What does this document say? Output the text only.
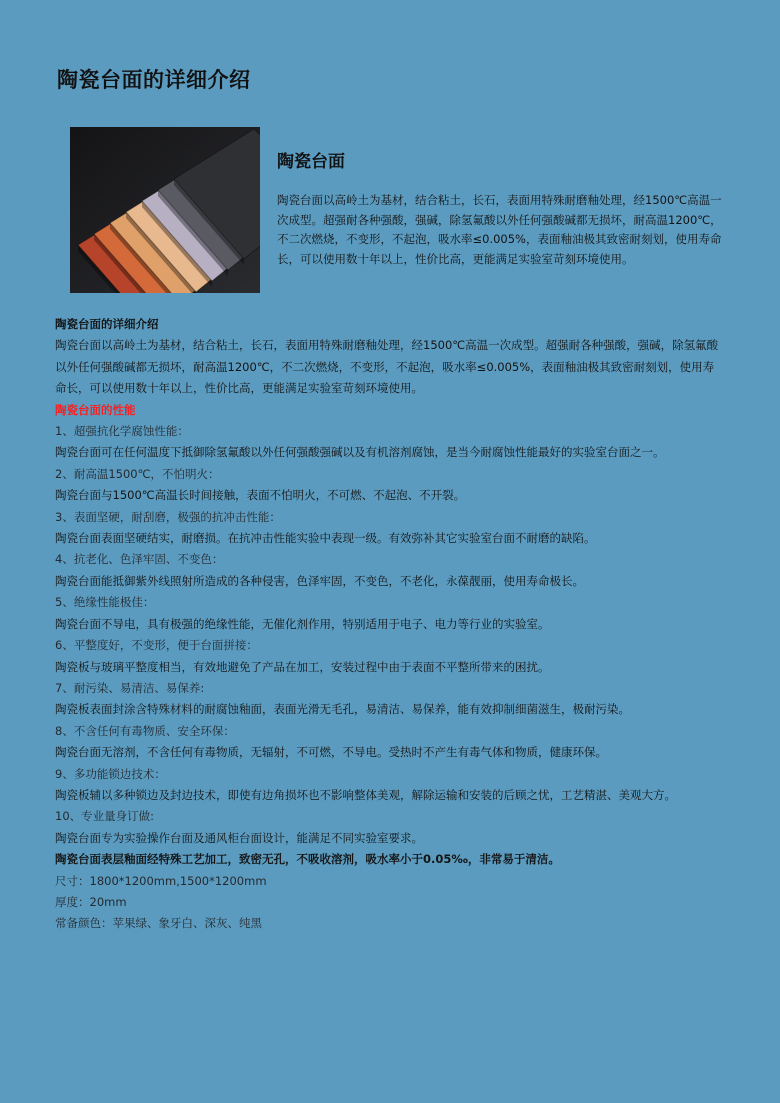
陶瓷台面的详细介绍
陶瓷台面

陶瓷台面以高岭土为基材，结合粘土，长石，表面用特殊耐磨釉处理，经1500℃高温一次成型。超强耐各种强酸，强碱，除氢氟酸以外任何强酸碱都无损坏，耐高温1200℃，不二次燃烧，不变形，不起泡，吸水率≤0.005%，表面釉油极其致密耐刻划，使用寿命长，可以使用数十年以上，性价比高，更能满足实验室苛刻环境使用。

陶瓷台面的详细介绍

陶瓷台面以高岭土为基材，结合粘土，长石，表面用特殊耐磨釉处理，经1500℃高温一次成型。超强耐各种强酸，强碱，除氢氟酸以外任何强酸碱都无损坏，耐高温1200℃，不二次燃烧，不变形，不起泡，吸水率≤0.005%，表面釉油极其致密耐刻划，使用寿命长，可以使用数十年以上，性价比高，更能满足实验室苛刻环境使用。

陶瓷台面的性能

1、超强抗化学腐蚀性能：

陶瓷台面可在任何温度下抵御除氢氟酸以外任何强酸强碱以及有机溶剂腐蚀，是当今耐腐蚀性能最好的实验室台面之一。

2、耐高温1500℃，不怕明火：

陶瓷台面与1500℃高温长时间接触，表面不怕明火，不可燃、不起泡、不开裂。

3、表面坚硬，耐刮磨，极强的抗冲击性能：

陶瓷台面表面坚硬结实，耐磨损。在抗冲击性能实验中表现一级。有效弥补其它实验室台面不耐磨的缺陷。

4、抗老化、色泽牢固、不变色：

陶瓷台面能抵御紫外线照射所造成的各种侵害，色泽牢固，不变色，不老化，永葆靓丽，使用寿命极长。

5、绝缘性能极佳：

陶瓷台面不导电，具有极强的绝缘性能，无催化剂作用，特别适用于电子、电力等行业的实验室。

6、平整度好，不变形，便于台面拼接：

陶瓷板与玻璃平整度相当，有效地避免了产品在加工，安装过程中由于表面不平整所带来的困扰。

7、耐污染、易清洁、易保养:

陶瓷板表面封涂含特殊材料的耐腐蚀釉面，表面光滑无毛孔，易清洁、易保养，能有效抑制细菌滋生，极耐污染。

8、不含任何有毒物质、安全环保：

陶瓷台面无溶剂，不含任何有毒物质，无辐射，不可燃，不导电。受热时不产生有毒气体和物质，健康环保。

9、多功能锁边技术：

陶瓷板辅以多种锁边及封边技术，即使有边角损坏也不影响整体美观，解除运输和安装的后顾之忧，工艺精湛、美观大方。

10、专业量身订做:

陶瓷台面专为实验操作台面及通风柜台面设计，能满足不同实验室要求。

陶瓷台面表层釉面经特殊工艺加工，致密无孔，不吸收溶剂，吸水率小于0.05‰，非常易于清洁。

尺寸：1800*1200mm,1500*1200mm

厚度：20mm

常备颜色：苹果绿、象牙白、深灰、纯黑
